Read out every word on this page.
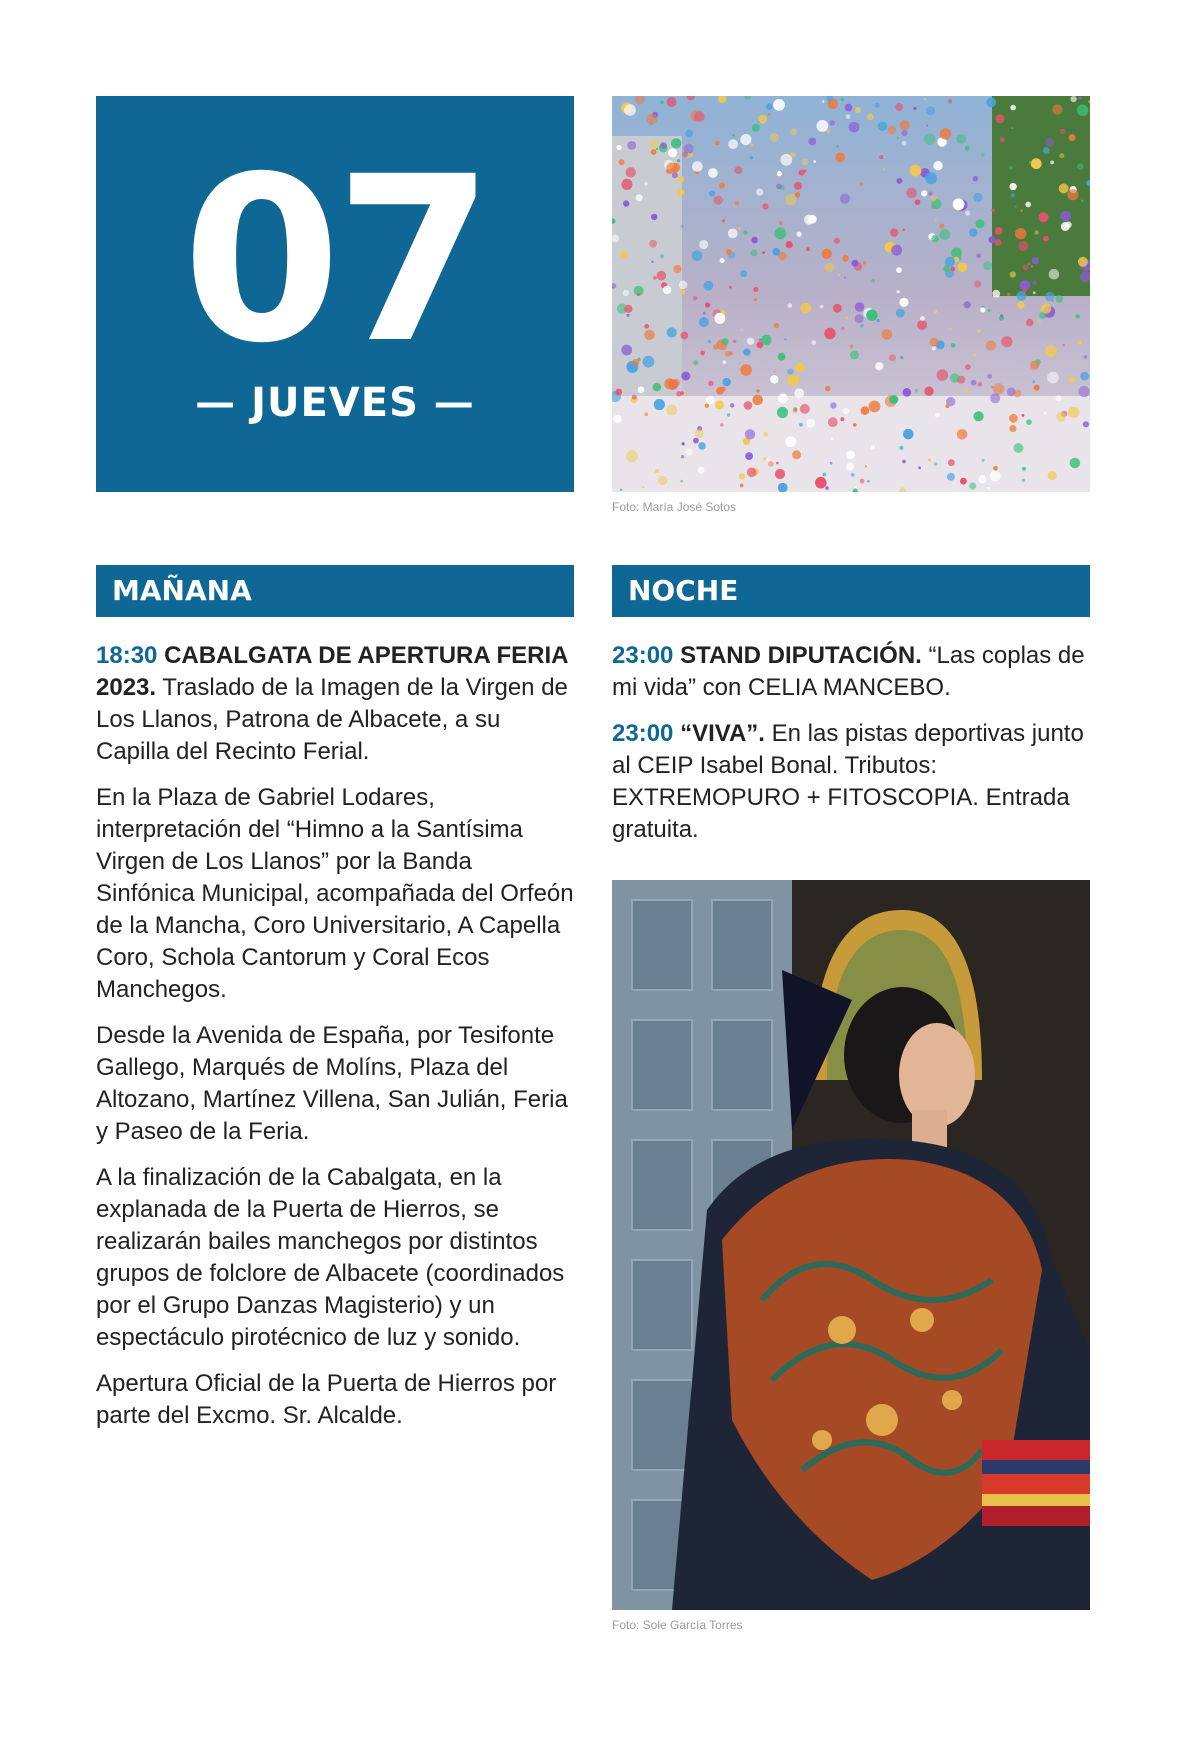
07
— JUEVES —
Foto: María José Sotos
MAÑANA	NOCHE

18:30 CABALGATA DE APERTURA FERIA 2023. Traslado de la Imagen de la Virgen de Los Llanos, Patrona de Albacete, a su Capilla del Recinto Ferial.

En la Plaza de Gabriel Lodares, interpretación del “Himno a la Santísima Virgen de Los Llanos” por la Banda Sinfónica Municipal, acompañada del Orfeón de la Mancha, Coro Universitario, A Capella Coro, Schola Cantorum y Coral Ecos Manchegos.

Desde la Avenida de España, por Tesifonte Gallego, Marqués de Molíns, Plaza del Altozano, Martínez Villena, San Julián, Feria y Paseo de la Feria.

A la finalización de la Cabalgata, en la explanada de la Puerta de Hierros, se realizarán bailes manchegos por distintos grupos de folclore de Albacete (coordinados por el Grupo Danzas Magisterio) y un espectáculo pirotécnico de luz y sonido.

Apertura Oficial de la Puerta de Hierros por parte del Excmo. Sr. Alcalde.

23:00 STAND DIPUTACIÓN. “Las coplas de mi vida” con CELIA MANCEBO.

23:00 “VIVA”. En las pistas deportivas junto al CEIP Isabel Bonal. Tributos: EXTREMOPURO + FITOSCOPIA. Entrada gratuita.

Foto: Sole García Torres
